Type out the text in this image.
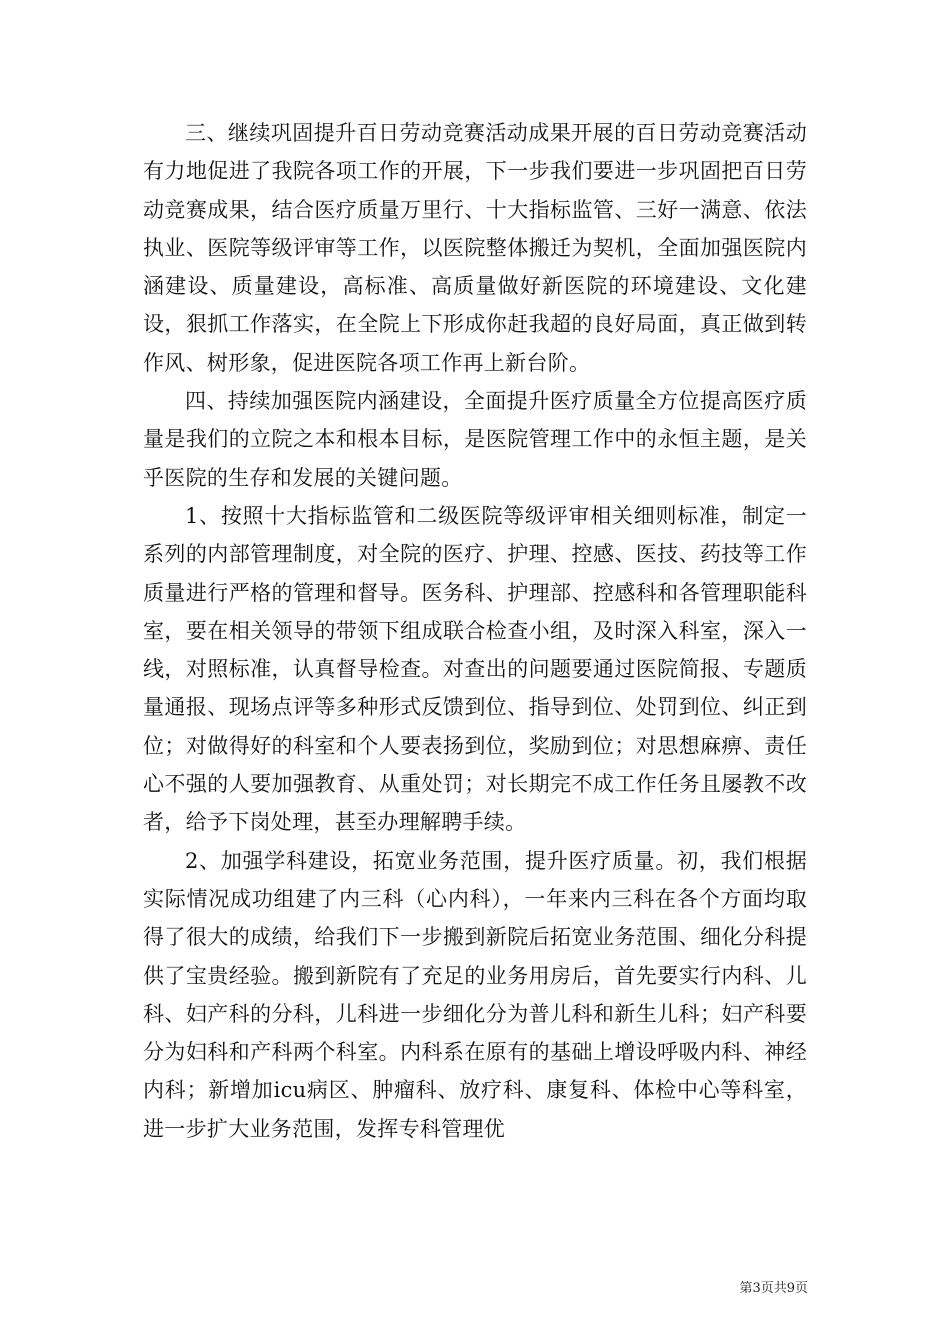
三、继续巩固提升百日劳动竞赛活动成果开展的百日劳动竞赛活动有力地促进了我院各项工作的开展，下一步我们要进一步巩固把百日劳动竞赛成果，结合医疗质量万里行、十大指标监管、三好一满意、依法执业、医院等级评审等工作，以医院整体搬迁为契机，全面加强医院内涵建设、质量建设，高标准、高质量做好新医院的环境建设、文化建设，狠抓工作落实，在全院上下形成你赶我超的良好局面，真正做到转作风、树形象，促进医院各项工作再上新台阶。

四、持续加强医院内涵建设，全面提升医疗质量全方位提高医疗质量是我们的立院之本和根本目标，是医院管理工作中的永恒主题，是关乎医院的生存和发展的关键问题。

1、按照十大指标监管和二级医院等级评审相关细则标准，制定一系列的内部管理制度，对全院的医疗、护理、控感、医技、药技等工作质量进行严格的管理和督导。医务科、护理部、控感科和各管理职能科室，要在相关领导的带领下组成联合检查小组，及时深入科室，深入一线，对照标准，认真督导检查。对查出的问题要通过医院简报、专题质量通报、现场点评等多种形式反馈到位、指导到位、处罚到位、纠正到位；对做得好的科室和个人要表扬到位，奖励到位；对思想麻痹、责任心不强的人要加强教育、从重处罚；对长期完不成工作任务且屡教不改者，给予下岗处理，甚至办理解聘手续。

2、加强学科建设，拓宽业务范围，提升医疗质量。初，我们根据实际情况成功组建了内三科（心内科），一年来内三科在各个方面均取得了很大的成绩，给我们下一步搬到新院后拓宽业务范围、细化分科提供了宝贵经验。搬到新院有了充足的业务用房后，首先要实行内科、儿科、妇产科的分科，儿科进一步细化分为普儿科和新生儿科；妇产科要分为妇科和产科两个科室。内科系在原有的基础上增设呼吸内科、神经内科；新增加icu病区、肿瘤科、放疗科、康复科、体检中心等科室，进一步扩大业务范围，发挥专科管理优

第3页共9页
